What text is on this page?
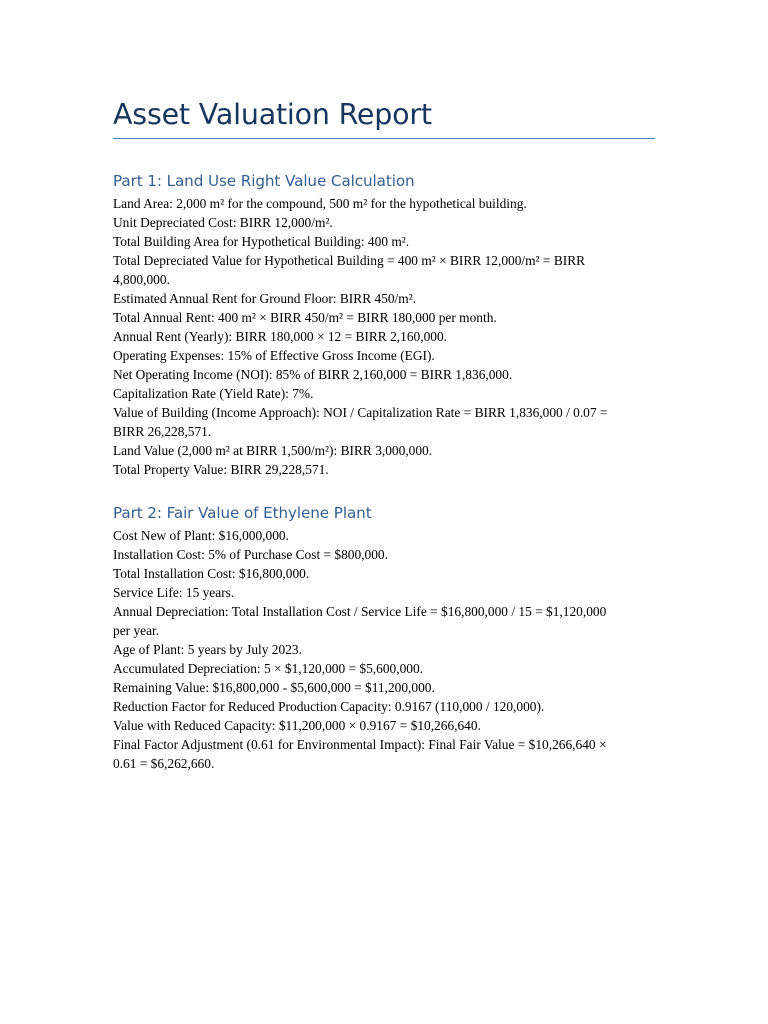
Asset Valuation Report
Part 1: Land Use Right Value Calculation

Land Area: 2,000 m² for the compound, 500 m² for the hypothetical building.

Unit Depreciated Cost: BIRR 12,000/m².

Total Building Area for Hypothetical Building: 400 m².

Total Depreciated Value for Hypothetical Building = 400 m² × BIRR 12,000/m² = BIRR

4,800,000.

Estimated Annual Rent for Ground Floor: BIRR 450/m².

Total Annual Rent: 400 m² × BIRR 450/m² = BIRR 180,000 per month.

Annual Rent (Yearly): BIRR 180,000 × 12 = BIRR 2,160,000.

Operating Expenses: 15% of Effective Gross Income (EGI).

Net Operating Income (NOI): 85% of BIRR 2,160,000 = BIRR 1,836,000.

Capitalization Rate (Yield Rate): 7%.

Value of Building (Income Approach): NOI / Capitalization Rate = BIRR 1,836,000 / 0.07 =

BIRR 26,228,571.

Land Value (2,000 m² at BIRR 1,500/m²): BIRR 3,000,000.

Total Property Value: BIRR 29,228,571.

Part 2: Fair Value of Ethylene Plant

Cost New of Plant: $16,000,000.

Installation Cost: 5% of Purchase Cost = $800,000.

Total Installation Cost: $16,800,000.

Service Life: 15 years.

Annual Depreciation: Total Installation Cost / Service Life = $16,800,000 / 15 = $1,120,000

per year.

Age of Plant: 5 years by July 2023.

Accumulated Depreciation: 5 × $1,120,000 = $5,600,000.

Remaining Value: $16,800,000 - $5,600,000 = $11,200,000.

Reduction Factor for Reduced Production Capacity: 0.9167 (110,000 / 120,000).

Value with Reduced Capacity: $11,200,000 × 0.9167 = $10,266,640.

Final Factor Adjustment (0.61 for Environmental Impact): Final Fair Value = $10,266,640 ×

0.61 = $6,262,660.
